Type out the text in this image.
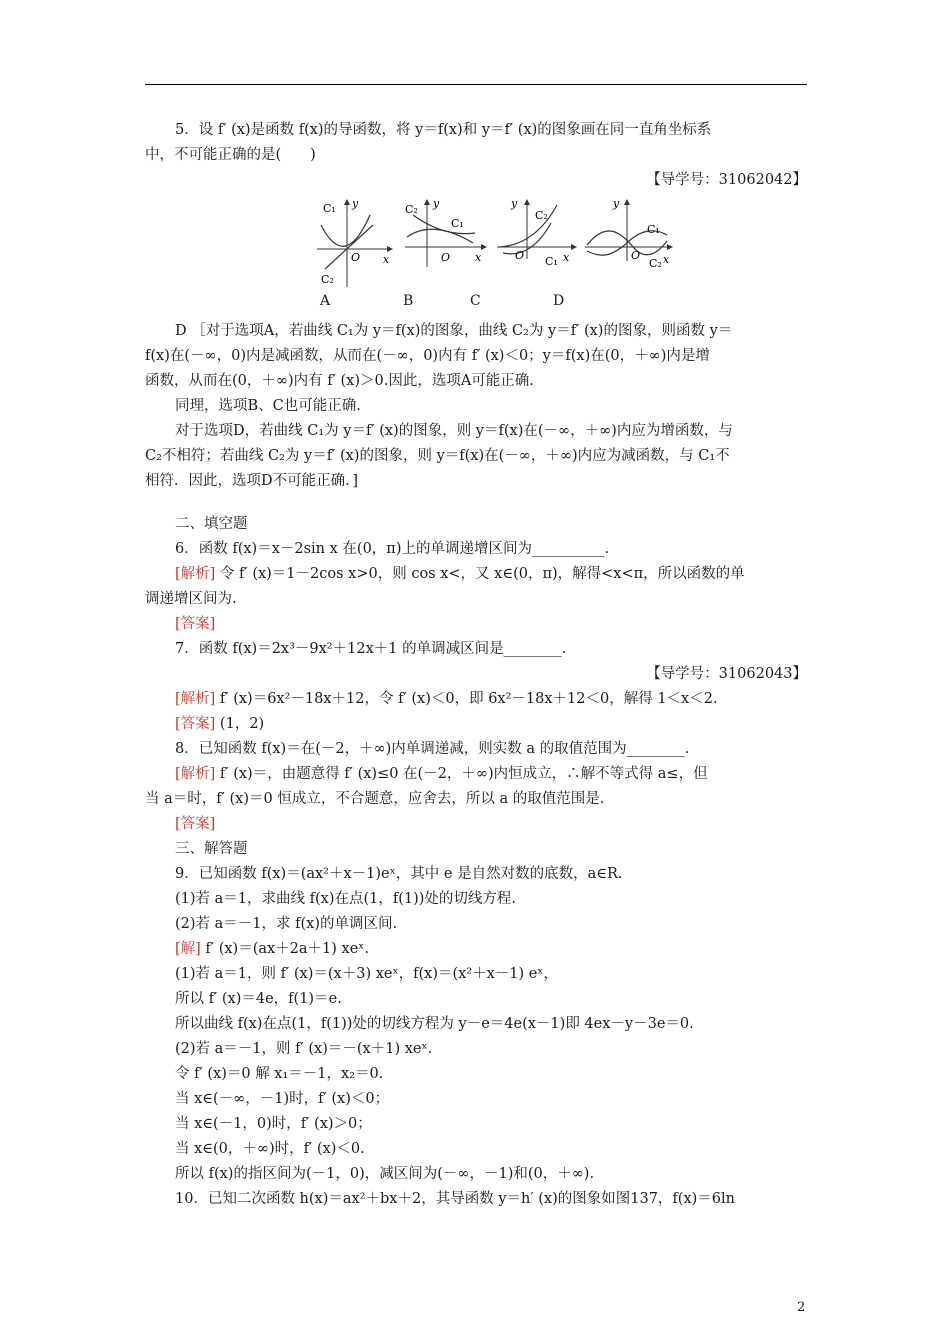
5．设 f′ (x)是函数 f(x)的导函数，将 y＝f(x)和 y＝f′ (x)的图象画在同一直角坐标系

中，不可能正确的是(　　)

【导学号：31062042】

C₁ y
x
O
C₂
A
C₂ y
C₁
O x
B
y
C₂
O C₁ x
C
y
C₁
O
C₂ x
D

D ［对于选项A，若曲线 C₁为 y＝f(x)的图象，曲线 C₂为 y＝f′ (x)的图象，则函数 y＝

f(x)在(－∞，0)内是减函数，从而在(－∞，0)内有 f′ (x)＜0；y＝f(x)在(0，＋∞)内是增

函数，从而在(0，＋∞)内有 f′ (x)＞0.因此，选项A可能正确.

同理，选项B、C也可能正确.

对于选项D，若曲线 C₁为 y＝f′ (x)的图象，则 y＝f(x)在(－∞，＋∞)内应为增函数，与

C₂不相符；若曲线 C₂为 y＝f′ (x)的图象，则 y＝f(x)在(－∞，＋∞)内应为减函数，与 C₁不

相符．因此，选项D不可能正确．]

二、填空题

6．函数 f(x)＝x－2sin x 在(0，π)上的单调递增区间为__________.

[解析] 令 f′ (x)＝1－2cos x>0，则 cos x<，又 x∈(0，π)，解得<x<π，所以函数的单

调递增区间为.

[答案]

7．函数 f(x)＝2x³－9x²＋12x＋1 的单调减区间是________.

【导学号：31062043】

[解析] f′ (x)＝6x²－18x＋12，令 f′ (x)＜0，即 6x²－18x＋12＜0，解得 1＜x＜2.

[答案] (1，2)

8．已知函数 f(x)＝在(－2，＋∞)内单调递减，则实数 a 的取值范围为________.

[解析] f′ (x)＝，由题意得 f′ (x)≤0 在(－2，＋∞)内恒成立，∴解不等式得 a≤，但

当 a＝时，f′ (x)＝0 恒成立，不合题意，应舍去，所以 a 的取值范围是.

[答案]

三、解答题

9．已知函数 f(x)＝(ax²＋x－1)eˣ，其中 e 是自然对数的底数，a∈R.

(1)若 a＝1，求曲线 f(x)在点(1，f(1))处的切线方程.

(2)若 a＝－1，求 f(x)的单调区间.

[解] f′ (x)＝(ax＋2a＋1) xeˣ.

(1)若 a＝1，则 f′ (x)＝(x＋3) xeˣ，f(x)＝(x²＋x－1) eˣ，

所以 f′ (x)＝4e，f(1)＝e.

所以曲线 f(x)在点(1，f(1))处的切线方程为 y－e＝4e(x－1)即 4ex－y－3e＝0.

(2)若 a＝－1，则 f′ (x)＝－(x＋1) xeˣ.

令 f′ (x)＝0 解 x₁＝－1，x₂＝0.

当 x∈(－∞，－1)时，f′ (x)＜0；

当 x∈(－1，0)时，f′ (x)＞0；

当 x∈(0，＋∞)时，f′ (x)＜0.

所以 f(x)的指区间为(－1，0)，减区间为(－∞，－1)和(0，＋∞).

10．已知二次函数 h(x)＝ax²＋bx＋2，其导函数 y＝h′ (x)的图象如图137，f(x)＝6ln

2
